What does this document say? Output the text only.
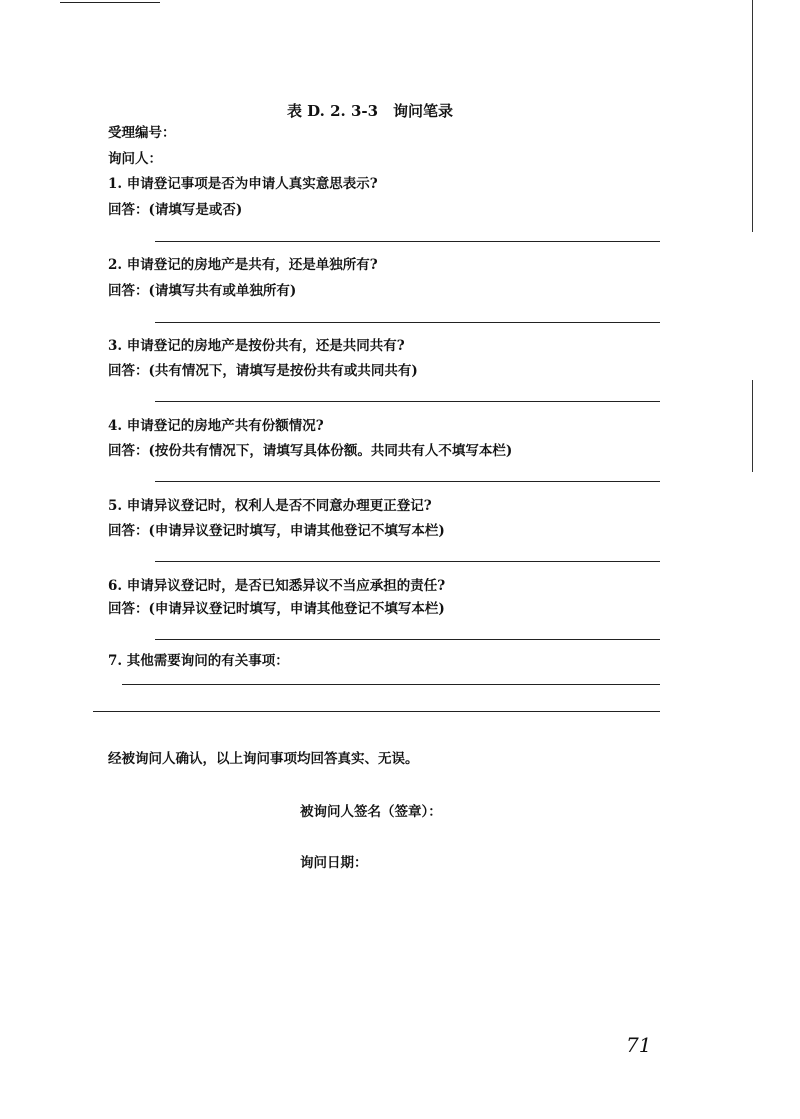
表 D. 2. 3-3　询问笔录
受理编号：
询问人：
1. 申请登记事项是否为申请人真实意思表示?
回答：(请填写是或否)
2. 申请登记的房地产是共有，还是单独所有?
回答：(请填写共有或单独所有)
3. 申请登记的房地产是按份共有，还是共同共有?
回答：(共有情况下，请填写是按份共有或共同共有)
4. 申请登记的房地产共有份额情况?
回答：(按份共有情况下，请填写具体份额。共同共有人不填写本栏)
5. 申请异议登记时，权利人是否不同意办理更正登记?
回答：(申请异议登记时填写，申请其他登记不填写本栏)
6. 申请异议登记时，是否已知悉异议不当应承担的责任?
回答：(申请异议登记时填写，申请其他登记不填写本栏)
7. 其他需要询问的有关事项：
经被询问人确认，以上询问事项均回答真实、无误。
被询问人签名（签章）：
询问日期：
71
